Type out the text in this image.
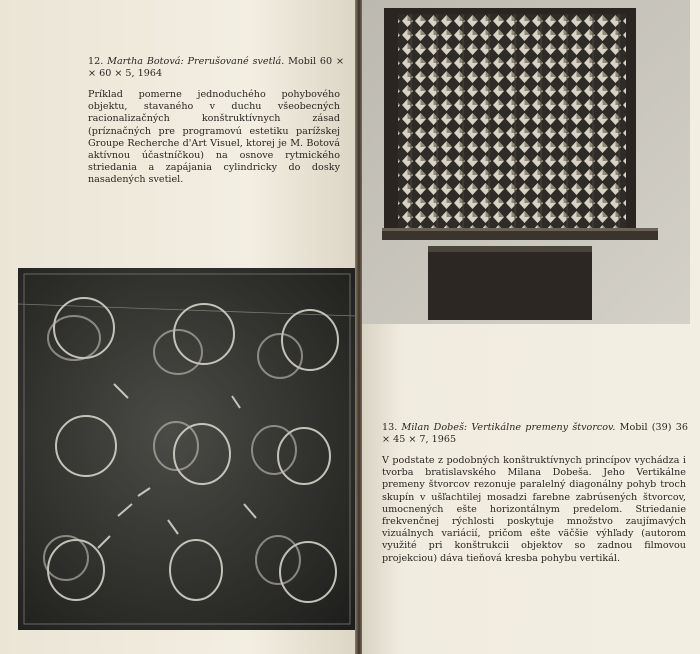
12. Martha Botová: Prerušované svetlá. Mobil 60 × × 60 × 5, 1964

Príklad pomerne jednoduchého pohybového objektu, stavaného v duchu všeobecných racionalizačných konštruktívnych zásad (príznačných pre programovú estetiku parížskej Groupe Recherche d'Art Visuel, ktorej je M. Botová aktívnou účastníčkou) na osnove rytmického striedania a zapájania cylindricky do dosky nasadených svetiel.

13. Milan Dobeš: Vertikálne premeny štvorcov. Mobil (39) 36 × 45 × 7, 1965

V podstate z podobných konštruktívnych princípov vychádza i tvorba bratislavského Milana Dobeša. Jeho Vertikálne premeny štvorcov rezonuje paralelný diagonálny pohyb troch skupín v ušľachtilej mosadzi farebne zabrúsených štvorcov, umocnených ešte horizontálnym predelom. Striedanie frekvenčnej rýchlosti poskytuje množstvo zaujímavých vizuálnych variácií, pričom ešte väčšie výhľady (autorom využité pri konštrukcii objektov so zadnou filmovou projekciou) dáva tieňová kresba pohybu vertikál.
